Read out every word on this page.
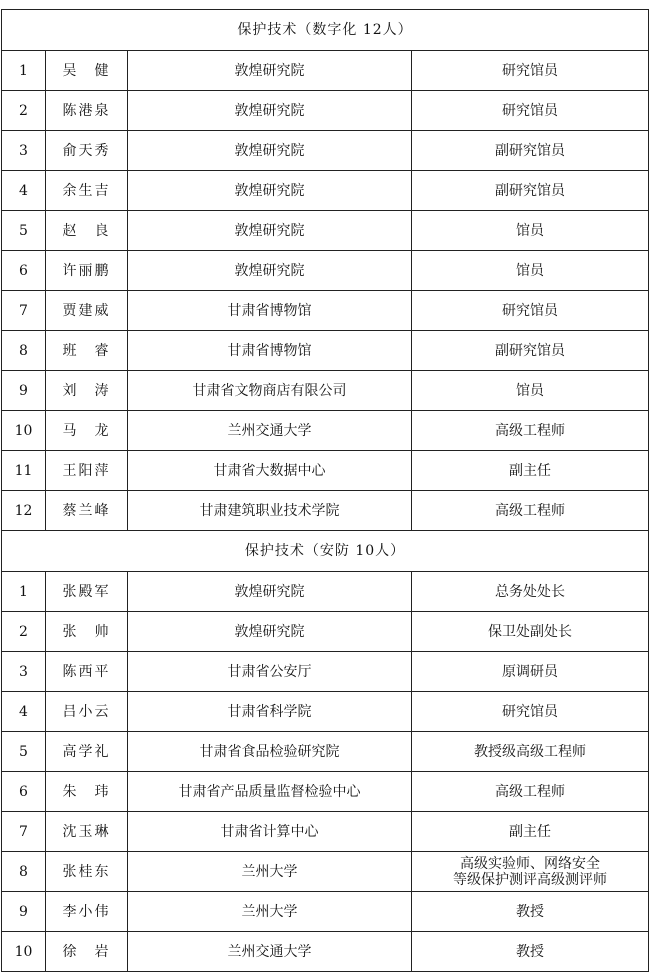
保护技术（数字化 12人）			
1	吴　健	敦煌研究院	研究馆员
2	陈港泉	敦煌研究院	研究馆员
3	俞天秀	敦煌研究院	副研究馆员
4	余生吉	敦煌研究院	副研究馆员
5	赵　良	敦煌研究院	馆员
6	许丽鹏	敦煌研究院	馆员
7	贾建威	甘肃省博物馆	研究馆员
8	班　睿	甘肃省博物馆	副研究馆员
9	刘　涛	甘肃省文物商店有限公司	馆员
10	马　龙	兰州交通大学	高级工程师
11	王阳萍	甘肃省大数据中心	副主任
12	蔡兰峰	甘肃建筑职业技术学院	高级工程师
保护技术（安防 10人）			
1	张殿军	敦煌研究院	总务处处长
2	张　帅	敦煌研究院	保卫处副处长
3	陈西平	甘肃省公安厅	原调研员
4	吕小云	甘肃省科学院	研究馆员
5	高学礼	甘肃省食品检验研究院	教授级高级工程师
6	朱　玮	甘肃省产品质量监督检验中心	高级工程师
7	沈玉琳	甘肃省计算中心	副主任
8	张桂东	兰州大学	高级实验师、网络安全
等级保护测评高级测评师

9	李小伟	兰州大学	教授
10	徐　岩	兰州交通大学	教授
